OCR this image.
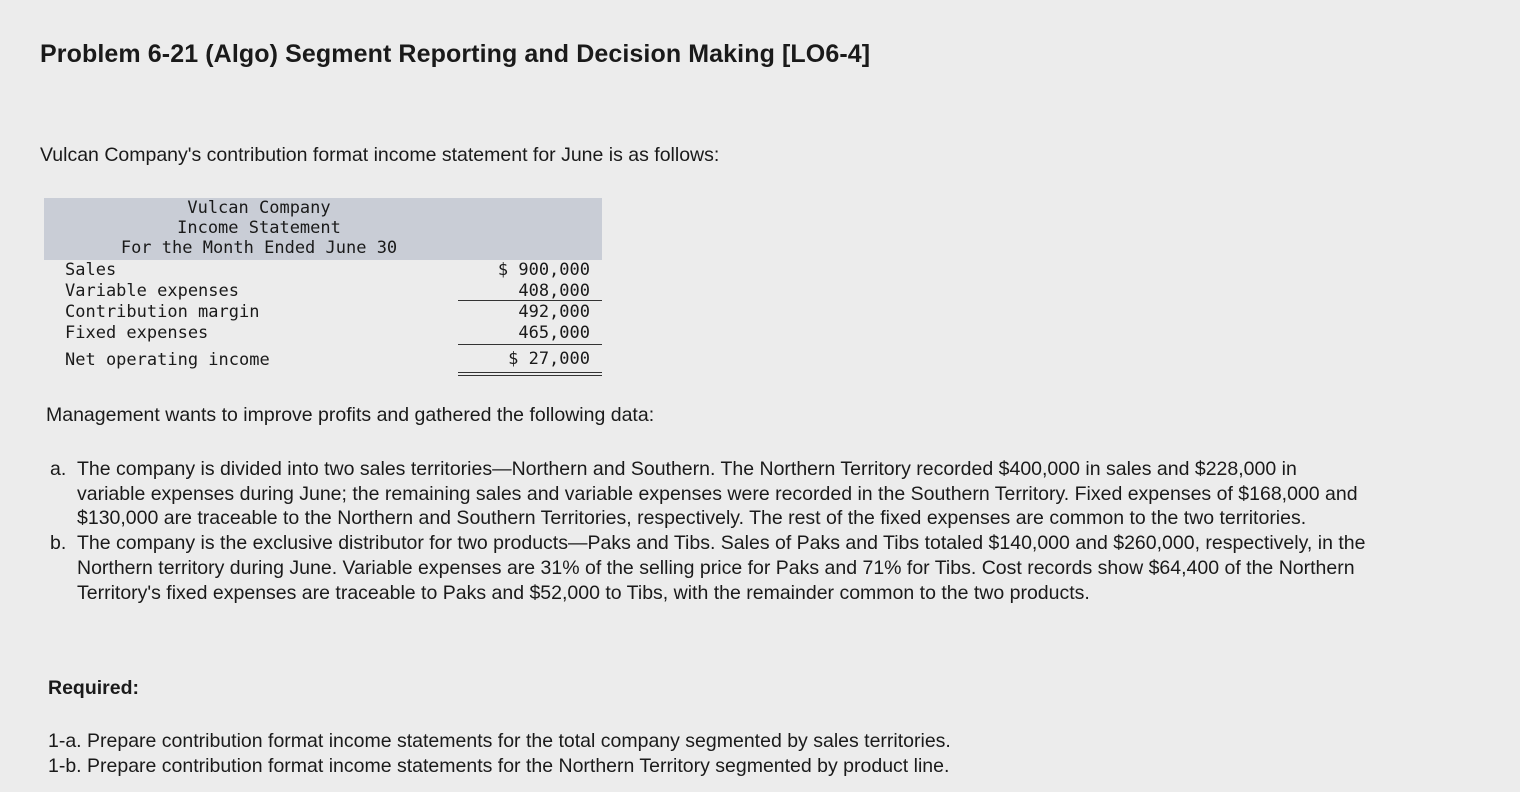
Problem 6-21 (Algo) Segment Reporting and Decision Making [LO6-4]
Vulcan Company's contribution format income statement for June is as follows:
Vulcan Company
Income Statement
For the Month Ended June 30
Sales	$ 900,000
Variable expenses	408,000
Contribution margin	492,000
Fixed expenses	465,000
Net operating income	$ 27,000
Management wants to improve profits and gathered the following data:
a. The company is divided into two sales territories—Northern and Southern. The Northern Territory recorded $400,000 in sales and $228,000 in variable expenses during June; the remaining sales and variable expenses were recorded in the Southern Territory. Fixed expenses of $168,000 and $130,000 are traceable to the Northern and Southern Territories, respectively. The rest of the fixed expenses are common to the two territories.
b. The company is the exclusive distributor for two products—Paks and Tibs. Sales of Paks and Tibs totaled $140,000 and $260,000, respectively, in the Northern territory during June. Variable expenses are 31% of the selling price for Paks and 71% for Tibs. Cost records show $64,400 of the Northern Territory's fixed expenses are traceable to Paks and $52,000 to Tibs, with the remainder common to the two products.
Required:
1-a. Prepare contribution format income statements for the total company segmented by sales territories.
1-b. Prepare contribution format income statements for the Northern Territory segmented by product line.
